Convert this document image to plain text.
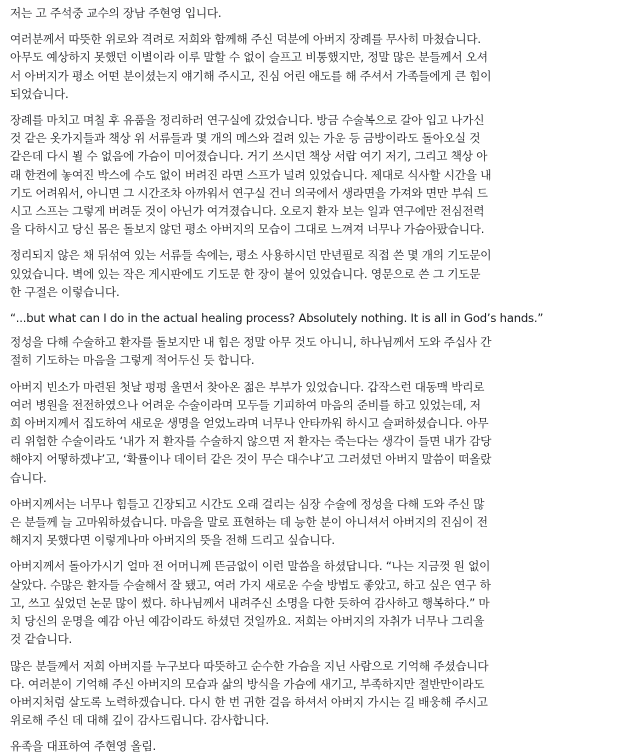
저는 고 주석중 교수의 장남 주현영 입니다.

여러분께서 따뜻한 위로와 격려로 저희와 함께해 주신 덕분에 아버지 장례를 무사히 마쳤습니다.
아무도 예상하지 못했던 이별이라 이루 말할 수 없이 슬프고 비통했지만, 정말 많은 분들께서 오셔
서 아버지가 평소 어떤 분이셨는지 얘기해 주시고, 진심 어린 애도를 해 주셔서 가족들에게 큰 힘이
되었습니다.

장례를 마치고 며칠 후 유품을 정리하러 연구실에 갔었습니다. 방금 수술복으로 갈아 입고 나가신
것 같은 옷가지들과 책상 위 서류들과 몇 개의 메스와 걸려 있는 가운 등 금방이라도 돌아오실 것
같은데 다시 뵐 수 없음에 가슴이 미어졌습니다. 거기 쓰시던 책상 서랍 여기 저기, 그리고 책상 아
래 한켠에 놓여진 박스에 수도 없이 버려진 라면 스프가 널려 있었습니다. 제대로 식사할 시간을 내
기도 어려워서, 아니면 그 시간조차 아까워서 연구실 건너 의국에서 생라면을 가져와 면만 부숴 드
시고 스프는 그렇게 버려둔 것이 아닌가 여겨졌습니다. 오로지 환자 보는 일과 연구에만 전심전력
을 다하시고 당신 몸은 돌보지 않던 평소 아버지의 모습이 그대로 느껴져 너무나 가슴아팠습니다.

정리되지 않은 채 뒤섞여 있는 서류들 속에는, 평소 사용하시던 만년필로 직접 쓴 몇 개의 기도문이
있었습니다. 벽에 있는 작은 게시판에도 기도문 한 장이 붙어 있었습니다. 영문으로 쓴 그 기도문
한 구절은 이렇습니다.

“...but what can I do in the actual healing process? Absolutely nothing. It is all in God’s hands.”

정성을 다해 수술하고 환자를 돌보지만 내 힘은 정말 아무 것도 아니니, 하나님께서 도와 주십사 간
절히 기도하는 마음을 그렇게 적어두신 듯 합니다.

아버지 빈소가 마련된 첫날 펑펑 울면서 찾아온 젊은 부부가 있었습니다. 갑작스런 대동맥 박리로
여러 병원을 전전하였으나 어려운 수술이라며 모두들 기피하여 마음의 준비를 하고 있었는데, 저
희 아버지께서 집도하여 새로운 생명을 얻었노라며 너무나 안타까워 하시고 슬퍼하셨습니다. 아무
리 위험한 수술이라도 ‘내가 저 환자를 수술하지 않으면 저 환자는 죽는다는 생각이 들면 내가 감당
해야지 어떻하겠냐’고, ‘확률이나 데이터 같은 것이 무슨 대수냐’고 그러셨던 아버지 말씀이 떠올랐
습니다.

아버지께서는 너무나 힘들고 긴장되고 시간도 오래 걸리는 심장 수술에 정성을 다해 도와 주신 많
은 분들께 늘 고마워하셨습니다. 마음을 말로 표현하는 데 능한 분이 아니셔서 아버지의 진심이 전
해지지 못했다면 이렇게나마 아버지의 뜻을 전해 드리고 싶습니다.

아버지께서 돌아가시기 얼마 전 어머니께 뜬금없이 이런 말씀을 하셨답니다. “나는 지금껏 원 없이
살았다. 수많은 환자들 수술해서 잘 됐고, 여러 가지 새로운 수술 방법도 좋았고, 하고 싶은 연구 하
고, 쓰고 싶었던 논문 많이 썼다. 하나님께서 내려주신 소명을 다한 듯하여 감사하고 행복하다.” 마
치 당신의 운명을 예감 아닌 예감이라도 하셨던 것일까요. 저희는 아버지의 자취가 너무나 그리울
것 같습니다.

많은 분들께서 저희 아버지를 누구보다 따뜻하고 순수한 가슴을 지닌 사람으로 기억해 주셨습니다
다. 여러분이 기억해 주신 아버지의 모습과 삶의 방식을 가슴에 새기고, 부족하지만 절반만이라도
아버지처럼 살도록 노력하겠습니다. 다시 한 번 귀한 걸음 하셔서 아버지 가시는 길 배웅해 주시고
위로해 주신 데 대해 깊이 감사드립니다. 감사합니다.

유족을 대표하여 주현영 올림.
